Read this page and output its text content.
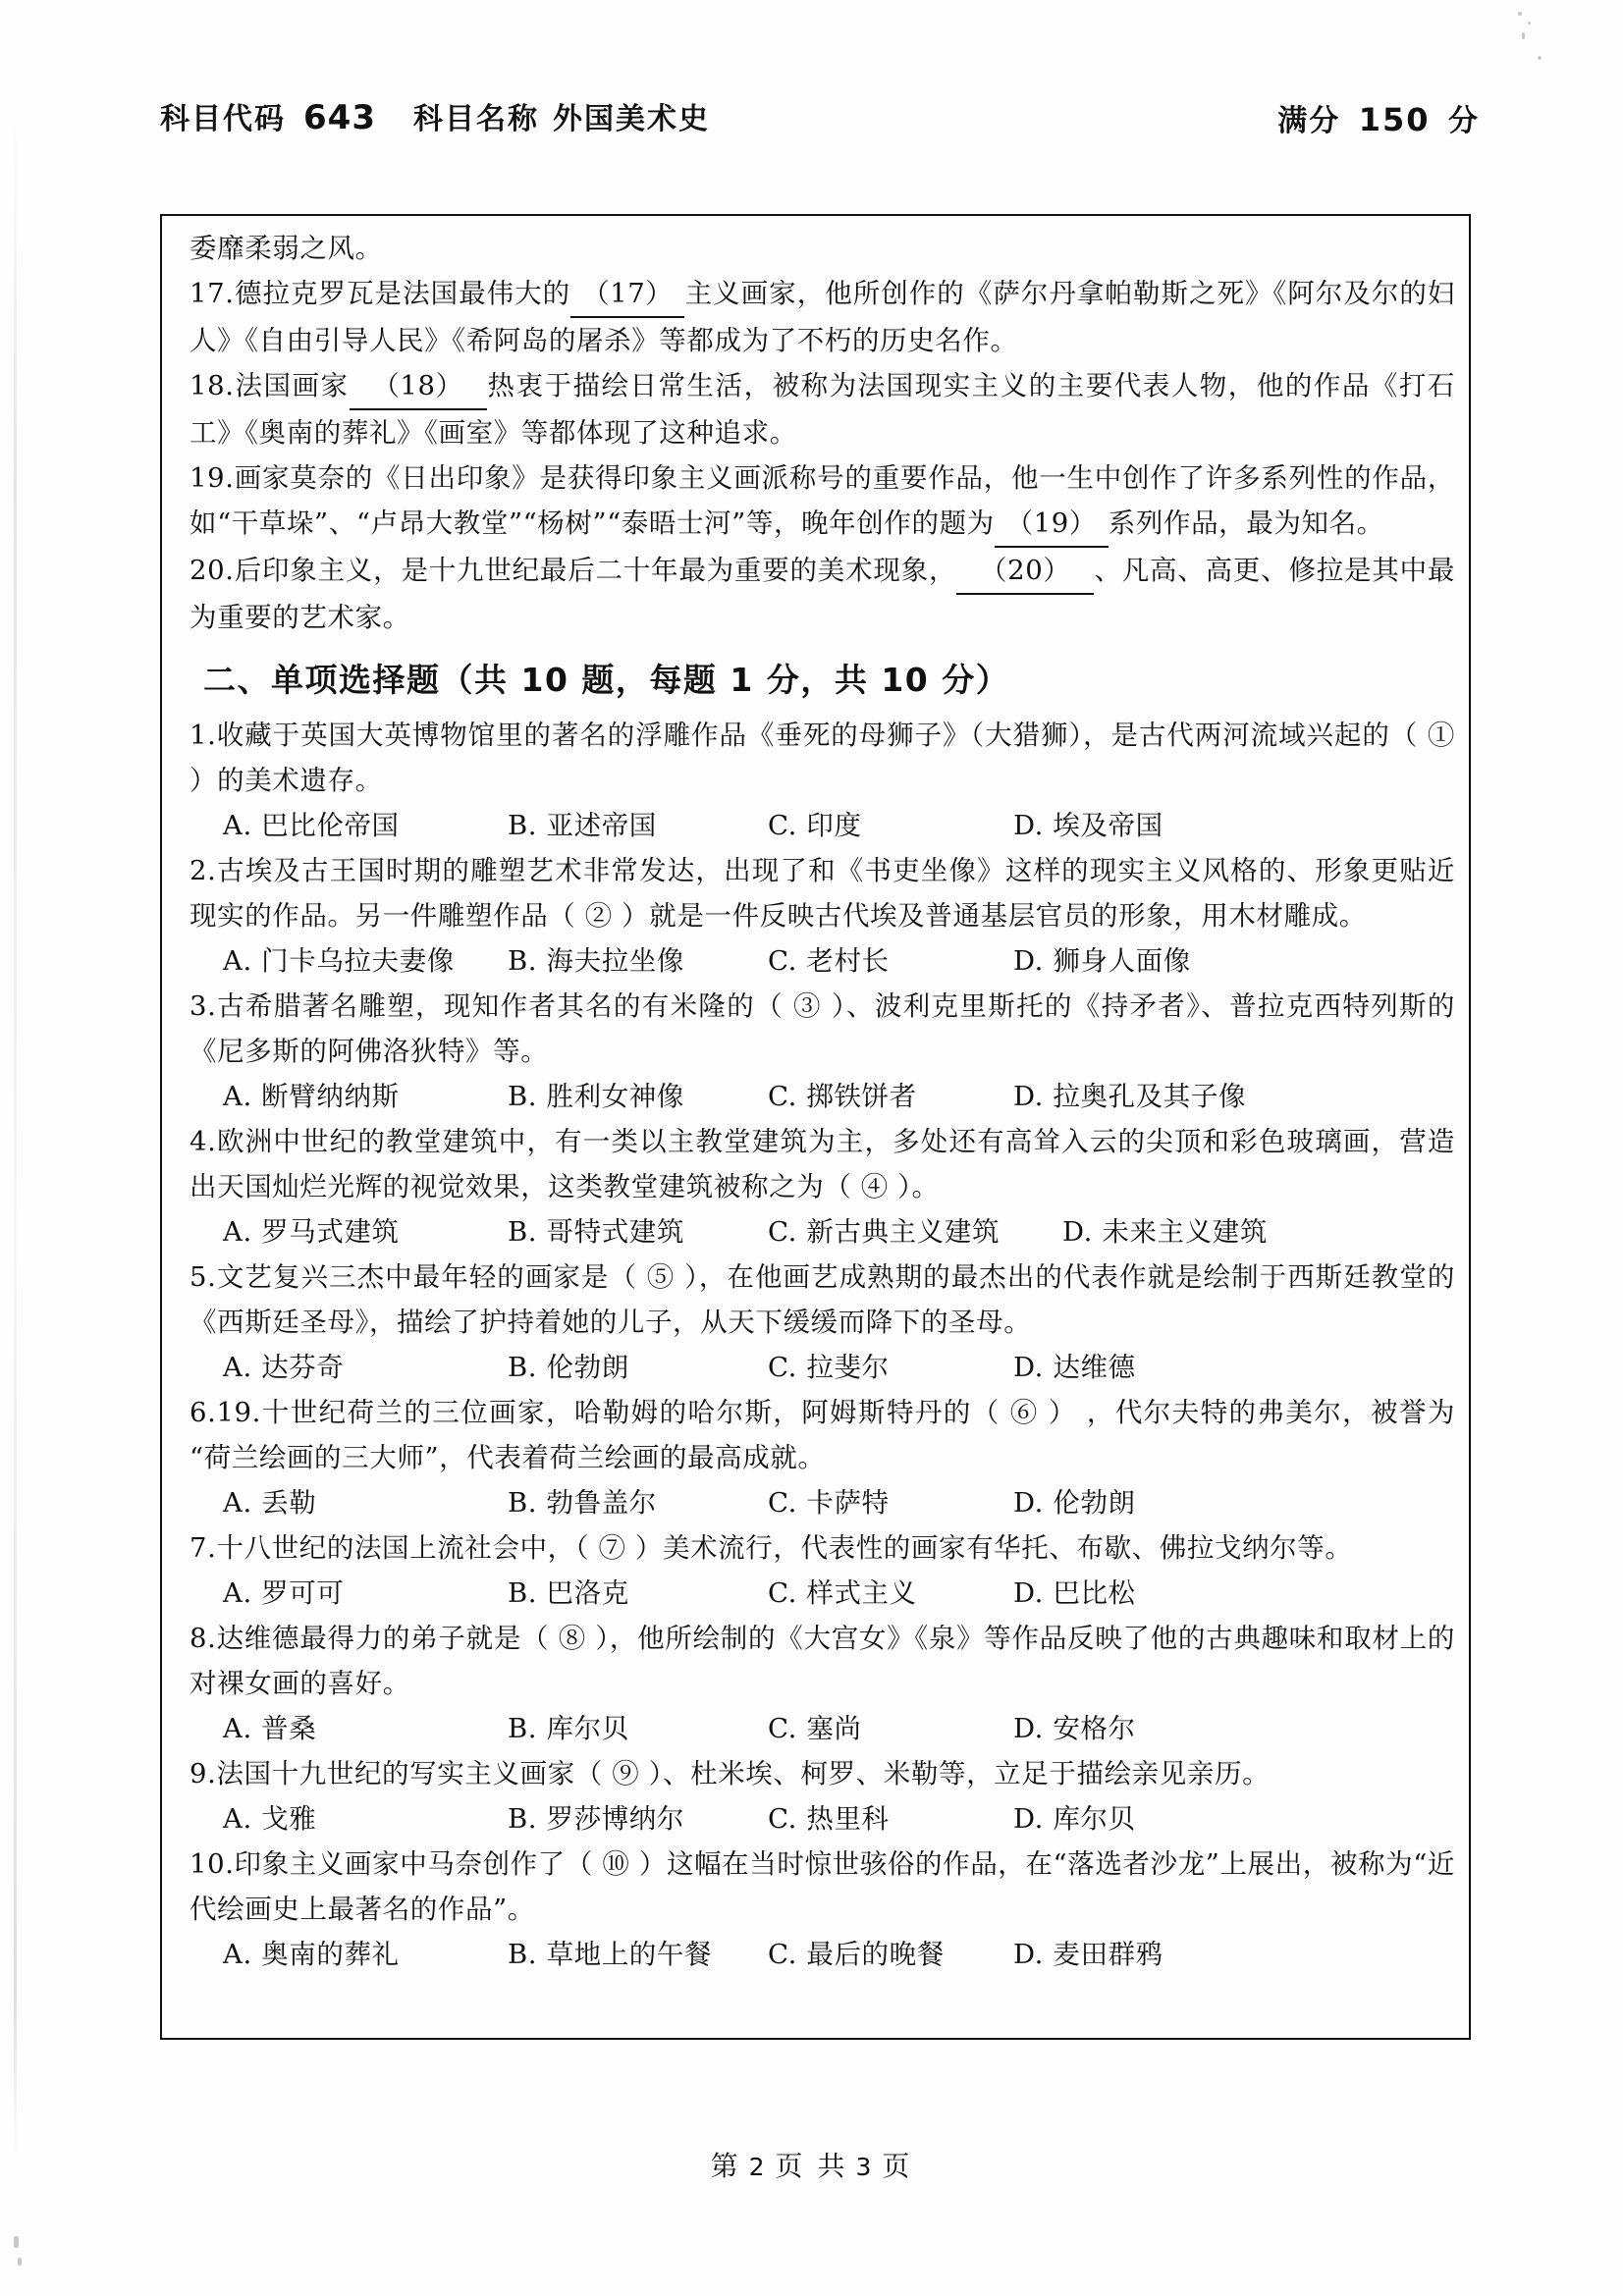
科目代码 643 科目名称 外国美术史	满分 150 分

委靡柔弱之风。

17.德拉克罗瓦是法国最伟大的 （17） 主义画家，他所创作的《萨尔丹拿帕勒斯之死》《阿尔及尔的妇人》《自由引导人民》《希阿岛的屠杀》等都成为了不朽的历史名作。

18.法国画家 （18） 热衷于描绘日常生活，被称为法国现实主义的主要代表人物，他的作品《打石工》《奥南的葬礼》《画室》等都体现了这种追求。

19.画家莫奈的《日出印象》是获得印象主义画派称号的重要作品，他一生中创作了许多系列性的作品，如“干草垛”、“卢昂大教堂”“杨树”“泰晤士河”等，晚年创作的题为 （19） 系列作品，最为知名。

20.后印象主义，是十九世纪最后二十年最为重要的美术现象， （20） 、凡高、高更、修拉是其中最为重要的艺术家。

二、单项选择题（共 10 题，每题 1 分，共 10 分）
1.收藏于英国大英博物馆里的著名的浮雕作品《垂死的母狮子》（大猎狮），是古代两河流域兴起的（ ① ）的美术遗存。
A. 巴比伦帝国	B. 亚述帝国	C. 印度	D. 埃及帝国
2.古埃及古王国时期的雕塑艺术非常发达，出现了和《书吏坐像》这样的现实主义风格的、形象更贴近现实的作品。另一件雕塑作品（ ② ）就是一件反映古代埃及普通基层官员的形象，用木材雕成。
A. 门卡乌拉夫妻像	B. 海夫拉坐像	C. 老村长	D. 狮身人面像
3.古希腊著名雕塑，现知作者其名的有米隆的（ ③ ）、波利克里斯托的《持矛者》、普拉克西特列斯的《尼多斯的阿佛洛狄特》等。
A. 断臂纳纳斯	B. 胜利女神像	C. 掷铁饼者	D. 拉奥孔及其子像
4.欧洲中世纪的教堂建筑中，有一类以主教堂建筑为主，多处还有高耸入云的尖顶和彩色玻璃画，营造出天国灿烂光辉的视觉效果，这类教堂建筑被称之为（ ④ ）。
A. 罗马式建筑	B. 哥特式建筑	C. 新古典主义建筑	D. 未来主义建筑
5.文艺复兴三杰中最年轻的画家是（ ⑤ ），在他画艺成熟期的最杰出的代表作就是绘制于西斯廷教堂的《西斯廷圣母》，描绘了护持着她的儿子，从天下缓缓而降下的圣母。
A. 达芬奇	B. 伦勃朗	C. 拉斐尔	D. 达维德
6.19.十世纪荷兰的三位画家，哈勒姆的哈尔斯，阿姆斯特丹的（ ⑥ ） ，代尔夫特的弗美尔，被誉为“荷兰绘画的三大师”，代表着荷兰绘画的最高成就。
A. 丢勒	B. 勃鲁盖尔	C. 卡萨特	D. 伦勃朗
7.十八世纪的法国上流社会中，（ ⑦ ）美术流行，代表性的画家有华托、布歇、佛拉戈纳尔等。
A. 罗可可	B. 巴洛克	C. 样式主义	D. 巴比松
8.达维德最得力的弟子就是（ ⑧ ），他所绘制的《大宫女》《泉》等作品反映了他的古典趣味和取材上的对裸女画的喜好。
A. 普桑	B. 库尔贝	C. 塞尚	D. 安格尔
9.法国十九世纪的写实主义画家（ ⑨ ）、杜米埃、柯罗、米勒等，立足于描绘亲见亲历。
A. 戈雅	B. 罗莎博纳尔	C. 热里科	D. 库尔贝
10.印象主义画家中马奈创作了（ ⑩ ）这幅在当时惊世骇俗的作品，在“落选者沙龙”上展出，被称为“近代绘画史上最著名的作品”。
A. 奥南的葬礼	B. 草地上的午餐	C. 最后的晚餐	D. 麦田群鸦
第 2 页 共 3 页
